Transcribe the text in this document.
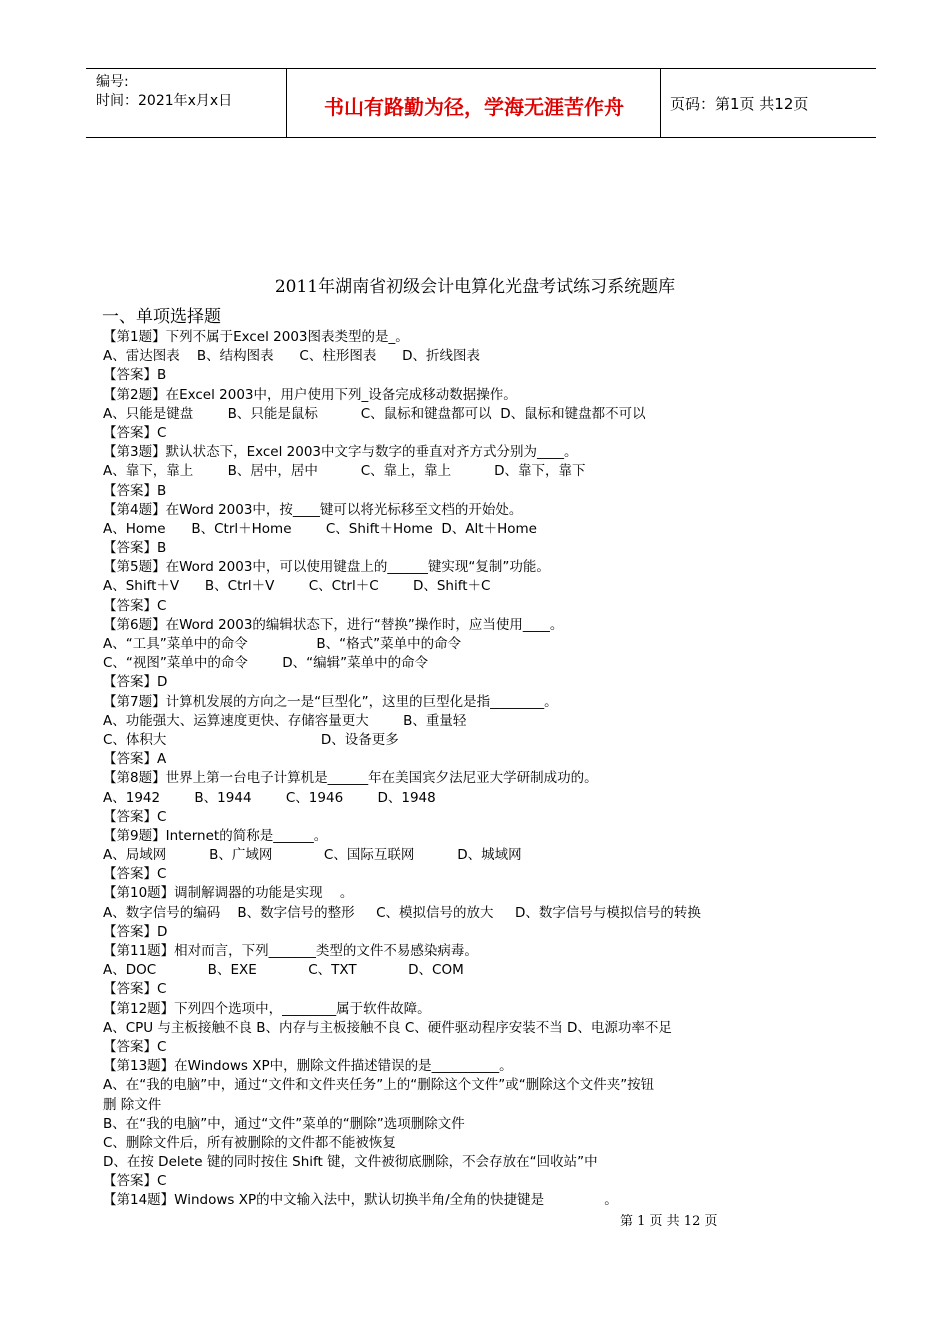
编号:
时间：2021年x月x日	书山有路勤为径，学海无涯苦作舟	页码：第1页 共12页
2011年湖南省初级会计电算化光盘考试练习系统题库
一、单项选择题
【第1题】下列不属于Excel 2003图表类型的是_。
A、雷达图表    B、结构图表      C、柱形图表      D、折线图表
【答案】B
【第2题】在Excel 2003中，用户使用下列_设备完成移动数据操作。
A、只能是键盘        B、只能是鼠标          C、鼠标和键盘都可以  D、鼠标和键盘都不可以
【答案】C
【第3题】默认状态下，Excel 2003中文字与数字的垂直对齐方式分别为____。
A、靠下，靠上        B、居中，居中          C、靠上，靠上          D、靠下，靠下
【答案】B
【第4题】在Word 2003中，按____键可以将光标移至文档的开始处。
A、Home      B、Ctrl＋Home        C、Shift＋Home  D、Alt＋Home
【答案】B
【第5题】在Word 2003中，可以使用键盘上的______键实现“复制”功能。
A、Shift＋V      B、Ctrl＋V        C、Ctrl＋C        D、Shift＋C
【答案】C
【第6题】在Word 2003的编辑状态下，进行“替换”操作时，应当使用____。
A、“工具”菜单中的命令                B、“格式”菜单中的命令
C、“视图”菜单中的命令        D、“编辑”菜单中的命令
【答案】D
【第7题】计算机发展的方向之一是“巨型化”，这里的巨型化是指________。
A、功能强大、运算速度更快、存储容量更大        B、重量轻
C、体积大                                    D、设备更多
【答案】A
【第8题】世界上第一台电子计算机是______年在美国宾夕法尼亚大学研制成功的。
A、1942        B、1944        C、1946        D、1948
【答案】C
【第9题】Internet的简称是______。
A、局域网          B、广域网            C、国际互联网          D、城域网
【答案】C
【第10题】调制解调器的功能是实现    。
A、数字信号的编码    B、数字信号的整形     C、模拟信号的放大     D、数字信号与模拟信号的转换
【答案】D
【第11题】相对而言，下列_______类型的文件不易感染病毒。
A、DOC            B、EXE            C、TXT            D、COM
【答案】C
【第12题】下列四个选项中，________属于软件故障。
A、CPU 与主板接触不良 B、内存与主板接触不良 C、硬件驱动程序安装不当 D、电源功率不足
【答案】C
【第13题】在Windows XP中，删除文件描述错误的是__________。
A、在“我的电脑”中，通过“文件和文件夹任务”上的“删除这个文件”或“删除这个文件夹”按钮
删 除文件
B、在“我的电脑”中，通过“文件”菜单的“删除”选项删除文件
C、删除文件后，所有被删除的文件都不能被恢复
D、在按 Delete 键的同时按住 Shift 键，文件被彻底删除，不会存放在“回收站”中
【答案】C
【第14题】Windows XP的中文输入法中，默认切换半角/全角的快捷键是              。
第 1 页 共 12 页
